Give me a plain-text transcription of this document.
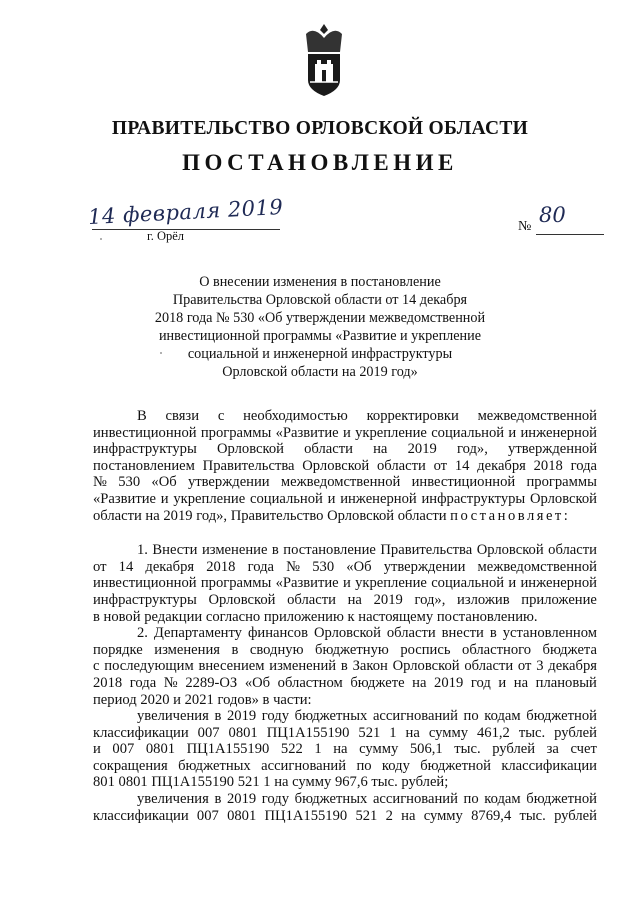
ПРАВИТЕЛЬСТВО ОРЛОВСКОЙ ОБЛАСТИ
ПОСТАНОВЛЕНИЕ
14 февраля 2019
г. Орёл
№ 80
О внесении изменения в постановление
Правительства Орловской области от 14 декабря
2018 года № 530 «Об утверждении межведомственной
инвестиционной программы «Развитие и укрепление
социальной и инженерной инфраструктуры
Орловской области на 2019 год»
В связи с необходимостью корректировки межведомственной
инвестиционной программы «Развитие и укрепление социальной и инженерной
инфраструктуры Орловской области на 2019 год», утвержденной
постановлением Правительства Орловской области от 14 декабря 2018 года
№ 530 «Об утверждении межведомственной инвестиционной программы
«Развитие и укрепление социальной и инженерной инфраструктуры Орловской
области на 2019 год», Правительство Орловской области постановляет:
1. Внести изменение в постановление Правительства Орловской области
от 14 декабря 2018 года № 530 «Об утверждении межведомственной
инвестиционной программы «Развитие и укрепление социальной и инженерной
инфраструктуры Орловской области на 2019 год», изложив приложение
в новой редакции согласно приложению к настоящему постановлению.
2. Департаменту финансов Орловской области внести в установленном
порядке изменения в сводную бюджетную роспись областного бюджета
с последующим внесением изменений в Закон Орловской области от 3 декабря
2018 года № 2289-ОЗ «Об областном бюджете на 2019 год и на плановый
период 2020 и 2021 годов» в части:
увеличения в 2019 году бюджетных ассигнований по кодам бюджетной
классификации 007 0801 ПЦ1А155190 521 1 на сумму 461,2 тыс. рублей
и 007 0801 ПЦ1А155190 522 1 на сумму 506,1 тыс. рублей за счет
сокращения бюджетных ассигнований по коду бюджетной классификации
801 0801 ПЦ1А155190 521 1 на сумму 967,6 тыс. рублей;
увеличения в 2019 году бюджетных ассигнований по кодам бюджетной
классификации 007 0801 ПЦ1А155190 521 2 на сумму 8769,4 тыс. рублей
